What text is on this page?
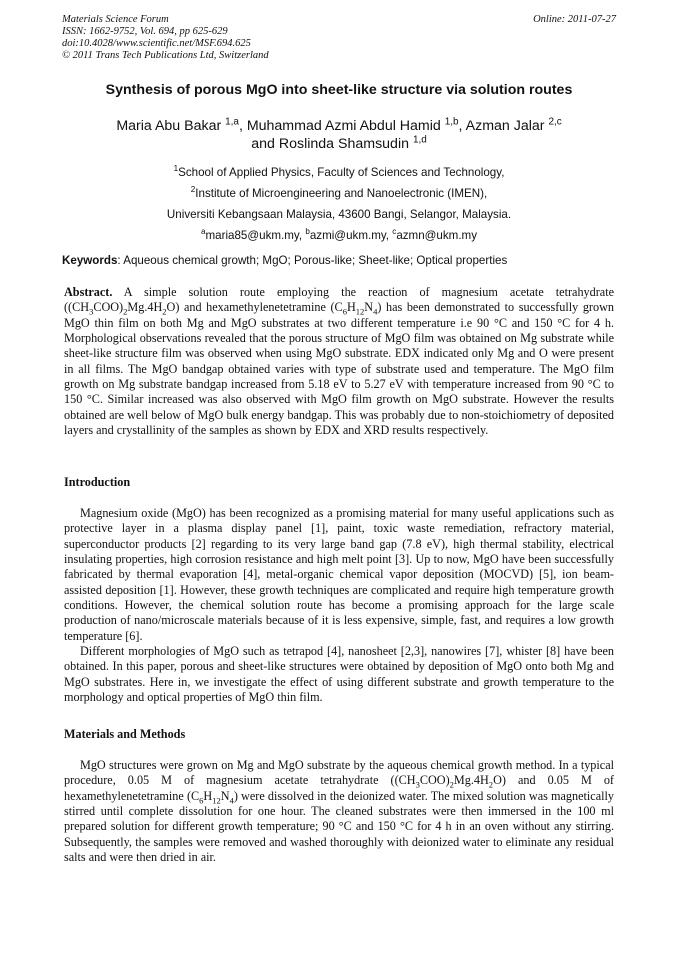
Materials Science Forum
ISSN: 1662-9752, Vol. 694, pp 625-629
doi:10.4028/www.scientific.net/MSF.694.625
© 2011 Trans Tech Publications Ltd, Switzerland
Online: 2011-07-27
Synthesis of porous MgO into sheet-like structure via solution routes
Maria Abu Bakar $^{1,a}$, Muhammad Azmi Abdul Hamid $^{1,b}$, Azman Jalar $^{2,c}$
and Roslinda Shamsudin $^{1,d}$
$^1$School of Applied Physics, Faculty of Sciences and Technology,
$^2$Institute of Microengineering and Nanoelectronic (IMEN),
Universiti Kebangsaan Malaysia, 43600 Bangi, Selangor, Malaysia.
$^a$maria85@ukm.my, $^b$azmi@ukm.my, $^c$azmn@ukm.my
Keywords: Aqueous chemical growth; MgO; Porous-like; Sheet-like; Optical properties

Abstract. A simple solution route employing the reaction of magnesium acetate tetrahydrate $((CH_3COO)_2Mg.4H_2O)$ and hexamethylenetetramine $(C_6H_{12}N_4)$ has been demonstrated to successfully grown MgO thin film on both Mg and MgO substrates at two different temperature i.e 90 °C and 150 °C for 4 h. Morphological observations revealed that the porous structure of MgO film was obtained on Mg substrate while sheet-like structure film was observed when using MgO substrate. EDX indicated only Mg and O were present in all films. The MgO bandgap obtained varies with type of substrate used and temperature. The MgO film growth on Mg substrate bandgap increased from 5.18 eV to 5.27 eV with temperature increased from 90 °C to 150 °C. Similar increased was also observed with MgO film growth on MgO substrate. However the results obtained are well below of MgO bulk energy bandgap. This was probably due to non-stoichiometry of deposited layers and crystallinity of the samples as shown by EDX and XRD results respectively.

Introduction

Magnesium oxide (MgO) has been recognized as a promising material for many useful applications such as protective layer in a plasma display panel [1], paint, toxic waste remediation, refractory material, superconductor products [2] regarding to its very large band gap (7.8 eV), high thermal stability, electrical insulating properties, high corrosion resistance and high melt point [3]. Up to now, MgO have been successfully fabricated by thermal evaporation [4], metal-organic chemical vapor deposition (MOCVD) [5], ion beam-assisted deposition [1]. However, these growth techniques are complicated and require high temperature growth conditions. However, the chemical solution route has become a promising approach for the large scale production of nano/microscale materials because of it is less expensive, simple, fast, and requires a low growth temperature [6].

Different morphologies of MgO such as tetrapod [4], nanosheet [2,3], nanowires [7], whister [8] have been obtained. In this paper, porous and sheet-like structures were obtained by deposition of MgO onto both Mg and MgO substrates. Here in, we investigate the effect of using different substrate and growth temperature to the morphology and optical properties of MgO thin film.

Materials and Methods

MgO structures were grown on Mg and MgO substrate by the aqueous chemical growth method. In a typical procedure, 0.05 M of magnesium acetate tetrahydrate $((CH_3COO)_2Mg.4H_2O)$ and 0.05 M of hexamethylenetetramine $(C_6H_{12}N_4)$ were dissolved in the deionized water. The mixed solution was magnetically stirred until complete dissolution for one hour. The cleaned substrates were then immersed in the 100 ml prepared solution for different growth temperature; 90 °C and 150 °C for 4 h in an oven without any stirring. Subsequently, the samples were removed and washed thoroughly with deionized water to eliminate any residual salts and were then dried in air.
